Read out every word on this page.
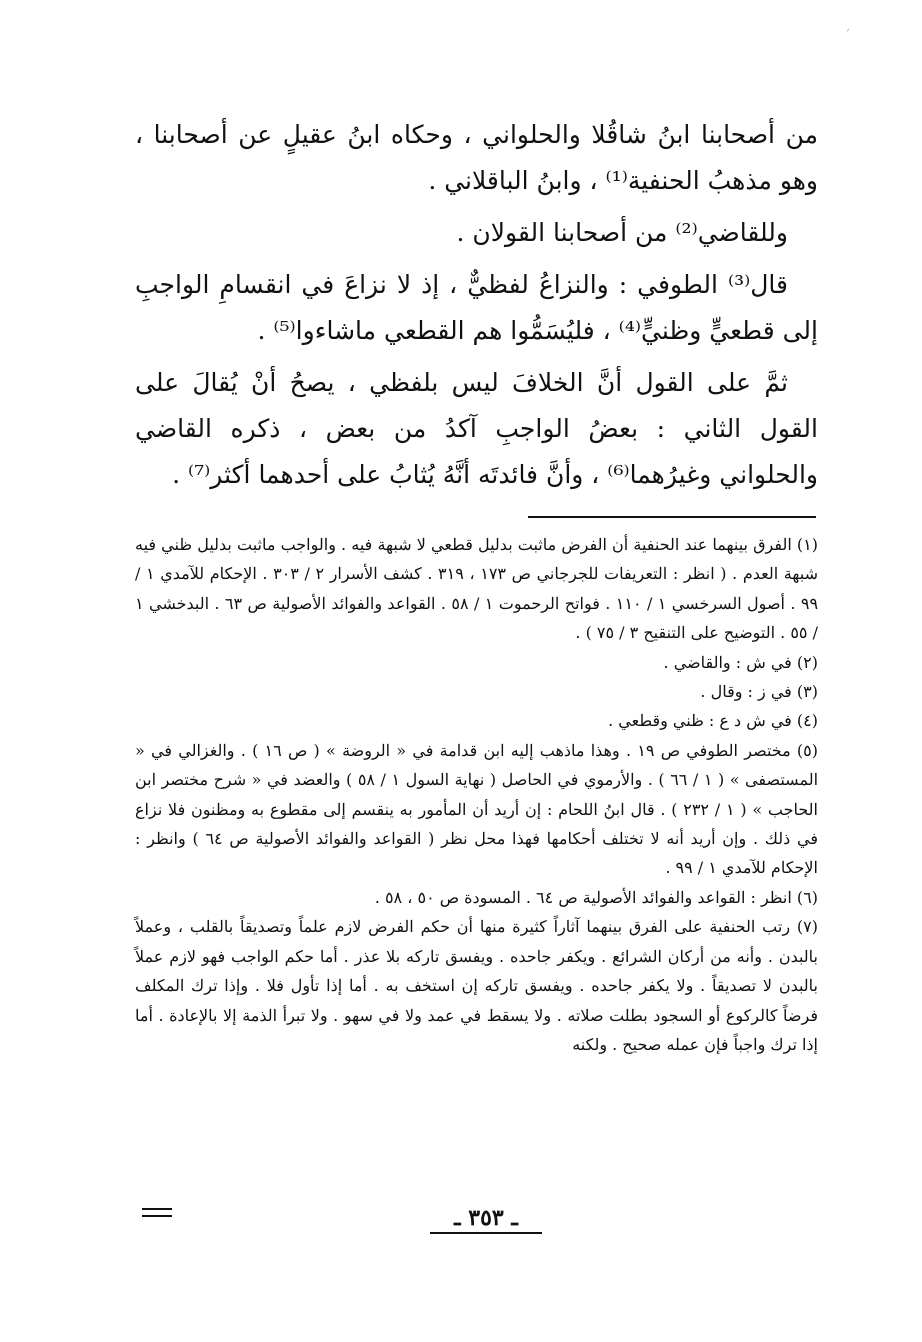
ﹶ

من أصحابنا ابنُ شاقُلا والحلواني ، وحكاه ابنُ عقيلٍ عن أصحابنا ، وهو مذهبُ الحنفية⁽¹⁾ ، وابنُ الباقلاني .

وللقاضي⁽²⁾ من أصحابنا القولان .

قال⁽³⁾ الطوفي : والنزاعُ لفظيٌّ ، إذ لا نزاعَ في انقسامِ الواجبِ إلى قطعيٍّ وظنيٍّ⁽⁴⁾ ، فليُسَمُّوا هم القطعي ماشاءوا⁽⁵⁾ .

ثمَّ على القول أنَّ الخلافَ ليس بلفظي ، يصحُ أنْ يُقالَ على القول الثاني : بعضُ الواجبِ آكدُ من بعض ، ذكره القاضي والحلواني وغيرُهما⁽⁶⁾ ، وأنَّ فائدتَه أنَّهُ يُثابُ على أحدهما أكثر⁽⁷⁾ .

(١) الفرق بينهما عند الحنفية أن الفرض ماثبت بدليل قطعي لا شبهة فيه . والواجب ماثبت بدليل ظني فيه شبهة العدم . ( انظر : التعريفات للجرجاني ص ١٧٣ ، ٣١٩ . كشف الأسرار ٢ / ٣٠٣ . الإحكام للآمدي ١ / ٩٩ . أصول السرخسي ١ / ١١٠ . فواتح الرحموت ١ / ٥٨ . القواعد والفوائد الأصولية ص ٦٣ . البدخشي ١ / ٥٥ . التوضيح على التنقيح ٣ / ٧٥ ) .

(٢) في ش : والقاضي .

(٣) في ز : وقال .

(٤) في ش د ع : ظني وقطعي .

(٥) مختصر الطوفي ص ١٩ . وهذا ماذهب إليه ابن قدامة في « الروضة » ( ص ١٦ ) . والغزالي في « المستصفى » ( ١ / ٦٦ ) . والأرموي في الحاصل ( نهاية السول ١ / ٥٨ ) والعضد في « شرح مختصر ابن الحاجب » ( ١ / ٢٣٢ ) . قال ابنُ اللحام : إن أريد أن المأمور به ينقسم إلى مقطوع به ومظنون فلا نزاع في ذلك . وإن أريد أنه لا تختلف أحكامها فهذا محل نظر ( القواعد والفوائد الأصولية ص ٦٤ ) وانظر : الإحكام للآمدي ١ / ٩٩ .

(٦) انظر : القواعد والفوائد الأصولية ص ٦٤ . المسودة ص ٥٠ ، ٥٨ .

(٧) رتب الحنفية على الفرق بينهما آثاراً كثيرة منها أن حكم الفرض لازم علماً وتصديقاً بالقلب ، وعملاً بالبدن . وأنه من أركان الشرائع . ويكفر جاحده . ويفسق تاركه بلا عذر . أما حكم الواجب فهو لازم عملاً بالبدن لا تصديقاً . ولا يكفر جاحده . ويفسق تاركه إن استخف به . أما إذا تأول فلا . وإذا ترك المكلف فرضاً كالركوع أو السجود بطلت صلاته . ولا يسقط في عمد ولا في سهو . ولا تبرأ الذمة إلا بالإعادة . أما إذا ترك واجباً فإن عمله صحيح . ولكنه

ـ ٣٥٣ ـ
